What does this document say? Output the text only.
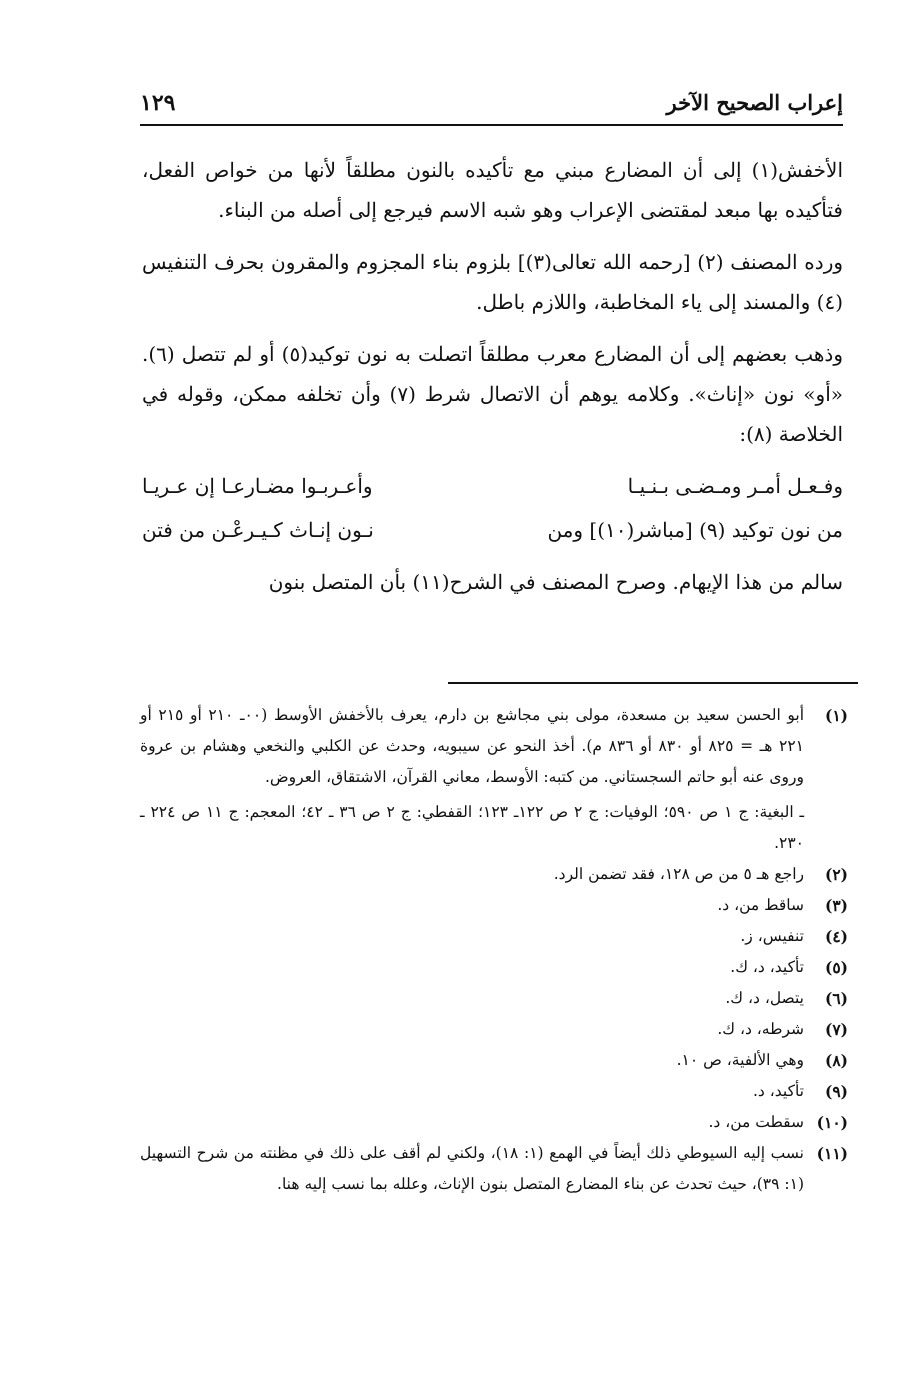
إعراب الصحيح الآخر
١٢٩

الأخفش(١) إلى أن المضارع مبني مع تأكيده بالنون مطلقاً لأنها من خواص الفعل، فتأكيده بها مبعد لمقتضى الإعراب وهو شبه الاسم فيرجع إلى أصله من البناء.

ورده المصنف (٢) [رحمه الله تعالى(٣)] بلزوم بناء المجزوم والمقرون بحرف التنفيس (٤) والمسند إلى ياء المخاطبة، واللازم باطل.

وذهب بعضهم إلى أن المضارع معرب مطلقاً اتصلت به نون توكيد(٥) أو لم تتصل (٦). «أو» نون «إناث». وكلامه يوهم أن الاتصال شرط (٧) وأن تخلفه ممكن، وقوله في الخلاصة (٨):

وفـعـل أمـر ومـضـى بـنـيـا
وأعـربـوا مضـارعـا إن عـريـا
من نون توكيد (٩) [مباشر(١٠)] ومن
نـون إنـاث كـيـرعْـن من فتن

سالم من هذا الإيهام. وصرح المصنف في الشرح(١١) بأن المتصل بنون

(١)
أبو الحسن سعيد بن مسعدة، مولى بني مجاشع بن دارم، يعرف بالأخفش الأوسط (٠٠ـ ٢١٠ أو ٢١٥ أو ٢٢١ هـ = ٨٢٥ أو ٨٣٠ أو ٨٣٦ م). أخذ النحو عن سيبويه، وحدث عن الكلبي والنخعي وهشام بن عروة وروى عنه أبو حاتم السجستاني. من كتبه: الأوسط، معاني القرآن، الاشتقاق، العروض.
ـ البغية: ج ١ ص ٥٩٠؛ الوفيات: ج ٢ ص ١٢٢ـ ١٢٣؛ القفطي: ج ٢ ص ٣٦ ـ ٤٢؛ المعجم: ج ١١ ص ٢٢٤ ـ ٢٣٠.
(٢)
راجع هـ ٥ من ص ١٢٨، فقد تضمن الرد.
(٣)
ساقط من، د.
(٤)
تنفيس، ز.
(٥)
تأكيد، د، ك.
(٦)
يتصل، د، ك.
(٧)
شرطه، د، ك.
(٨)
وهي الألفية، ص ١٠.
(٩)
تأكيد، د.
(١٠)
سقطت من، د.
(١١)
نسب إليه السيوطي ذلك أيضاً في الهمع (١: ١٨)، ولكني لم أقف على ذلك في مظنته من شرح التسهيل (١: ٣٩)، حيث تحدث عن بناء المضارع المتصل بنون الإناث، وعلله بما نسب إليه هنا.
